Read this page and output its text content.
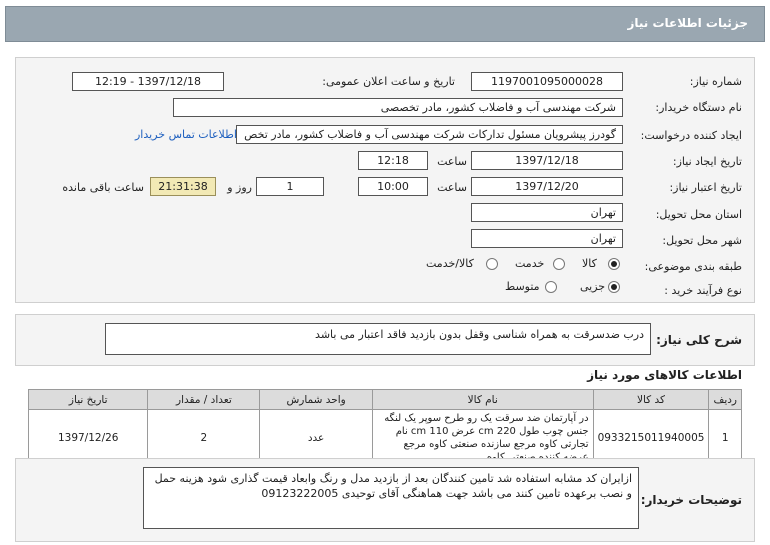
جزئیات اطلاعات نیاز
شماره نیاز:
1197001095000028
تاریخ و ساعت اعلان عمومی:
1397/12/18 - 12:19
نام دستگاه خریدار:
شرکت مهندسی آب و فاضلاب کشور، مادر تخصصی
ایجاد کننده درخواست:
گودرز پیشرویان مسئول تدارکات شرکت مهندسی آب و فاضلاب کشور، مادر تخص
اطلاعات تماس خریدار
تاریخ ایجاد نیاز:
1397/12/18
ساعت
12:18
تاریخ اعتبار نیاز:
1397/12/20
ساعت
10:00
1
روز و
21:31:38
ساعت باقی مانده
استان محل تحویل:
تهران
شهر محل تحویل:
تهران
طبقه بندی موضوعی:
کالا
خدمت
کالا/خدمت
نوع فرآیند خرید :
جزیی
متوسط
شرح کلی نیاز:
درب ضدسرقت به همراه شناسی وقفل بدون بازدید فاقد اعتبار می باشد
اطلاعات کالاهای مورد نیاز
ردیف	کد کالا	نام کالا	واحد شمارش	تعداد / مقدار	تاریخ نیاز
1	0933215011940005	در آپارتمان ضد سرقت یک رو طرح سوپر یک لنگه جنس چوب طول 220 cm عرض 110 cm نام تجارتی کاوه مرجع سازنده صنعتی کاوه مرجع	عدد	2	1397/12/26
توضیحات خریدار:
ازایران کد مشابه استفاده شد تامین کنندگان بعد از بازدید مدل و رنگ وابعاد قیمت گذاری شود هزینه حمل و نصب برعهده تامین کنند می باشد جهت هماهنگی آقای توحیدی 09123222005
